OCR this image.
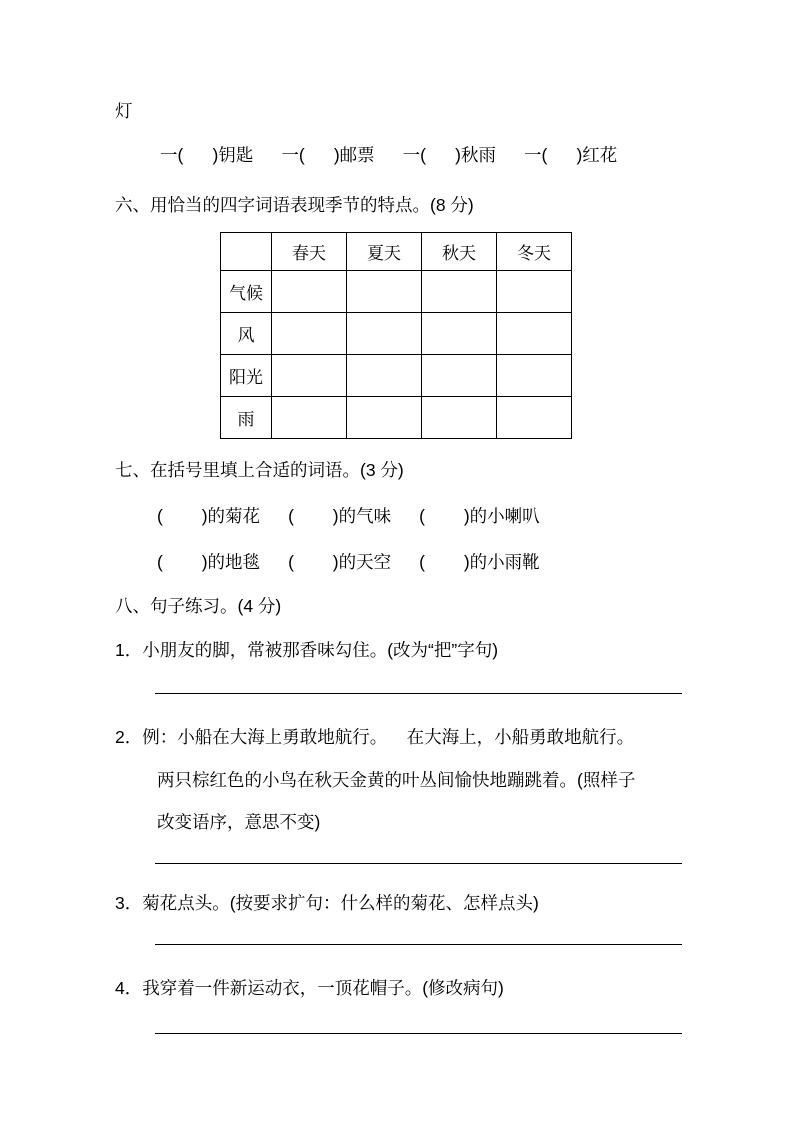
灯
一(      )钥匙 一(      )邮票 一(      )秋雨 一(      )红花
六、用恰当的四字词语表现季节的特点。(8 分)
	春天	夏天	秋天	冬天
气候				
风				
阳光				
雨				
七、在括号里填上合适的词语。(3 分)
(        )的菊花 (        )的气味 (        )的小喇叭
(        )的地毯 (        )的天空 (        )的小雨靴
八、句子练习。(4 分)
1．小朋友的脚，常被那香味勾住。(改为“把”字句)
2．例：小船在大海上勇敢地航行。    在大海上，小船勇敢地航行。
两只棕红色的小鸟在秋天金黄的叶丛间愉快地蹦跳着。(照样子
改变语序，意思不变)
3．菊花点头。(按要求扩句：什么样的菊花、怎样点头)
4．我穿着一件新运动衣，一顶花帽子。(修改病句)
